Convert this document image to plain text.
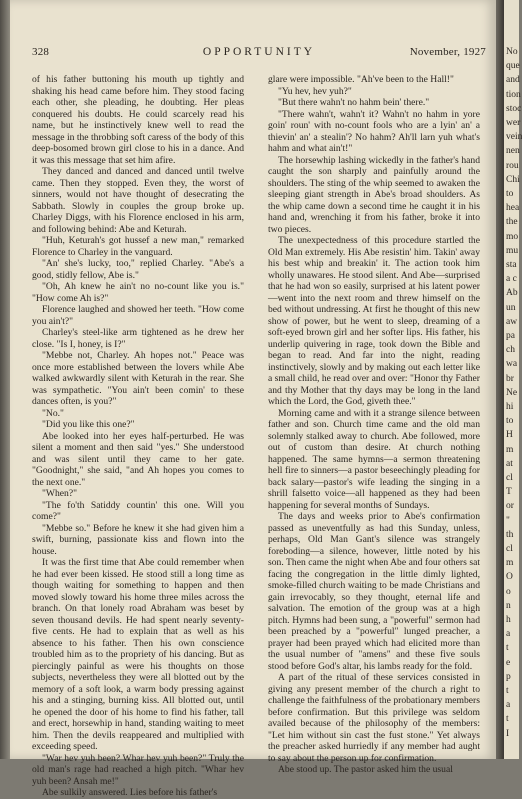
328	OPPORTUNITY	November, 1927

of his father buttoning his mouth up tightly and shaking his head came before him. They stood facing each other, she pleading, he doubting. Her pleas conquered his doubts. He could scarcely read his name, but he instinctively knew well to read the message in the throbbing soft caress of the body of this deep-bosomed brown girl close to his in a dance. And it was this message that set him afire.

They danced and danced and danced until twelve came. Then they stopped. Even they, the worst of sinners, would not have thought of desecrating the Sabbath. Slowly in couples the group broke up. Charley Diggs, with his Florence enclosed in his arm, and following behind: Abe and Keturah.

"Huh, Keturah's got hussef a new man," remarked Florence to Charley in the vanguard.

"An' she's lucky, too," replied Charley. "Abe's a good, stidly fellow, Abe is."

"Oh, Ah knew he ain't no no-count like you is." "How come Ah is?"

Florence laughed and showed her teeth. "How come you ain't?"

Charley's steel-like arm tightened as he drew her close. "Is I, honey, is I?"

"Mebbe not, Charley. Ah hopes not." Peace was once more established between the lovers while Abe walked awkwardly silent with Keturah in the rear. She was sympathetic. "You ain't been comin' to these dances often, is you?"

"No."

"Did you like this one?"

Abe looked into her eyes half-perturbed. He was silent a moment and then said "yes." She understood and was silent until they came to her gate. "Goodnight," she said, "and Ah hopes you comes to the next one."

"When?"

"The fo'th Satiddy countin' this one. Will you come?"

"Mebbe so." Before he knew it she had given him a swift, burning, passionate kiss and flown into the house.

It was the first time that Abe could remember when he had ever been kissed. He stood still a long time as though waiting for something to happen and then moved slowly toward his home three miles across the branch. On that lonely road Abraham was beset by seven thousand devils. He had spent nearly seventy-five cents. He had to explain that as well as his absence to his father. Then his own conscience troubled him as to the propriety of his dancing. But as piercingly painful as were his thoughts on those subjects, nevertheless they were all blotted out by the memory of a soft look, a warm body pressing against his and a stinging, burning kiss. All blotted out, until he opened the door of his home to find his father, tall and erect, horsewhip in hand, standing waiting to meet him. Then the devils reappeared and multiplied with exceeding speed.

"War hev yuh been? Whar hev yuh been?" Truly the old man's rage had reached a high pitch. "Whar hev yuh been? Ansah me!"

Abe sulkily answered. Lies before his father's

glare were impossible. "Ah've been to the Hall!"

"Yu hev, hev yuh?"

"But there wahn't no hahm bein' there."

"There wahn't, wahn't it? Wahn't no hahm in yore goin' roun' with no-count fools who are a lyin' an' a thievin' an' a stealin'? No hahm? Ah'll larn yuh what's hahm and what ain't!"

The horsewhip lashing wickedly in the father's hand caught the son sharply and painfully around the shoulders. The sting of the whip seemed to awaken the sleeping giant strength in Abe's broad shoulders. As the whip came down a second time he caught it in his hand and, wrenching it from his father, broke it into two pieces.

The unexpectedness of this procedure startled the Old Man extremely. His Abe resistin' him. Takin' away his best whip and breakin' it. The action took him wholly unawares. He stood silent. And Abe—surprised that he had won so easily, surprised at his latent power—went into the next room and threw himself on the bed without undressing. At first he thought of this new show of power, but he went to sleep, dreaming of a soft-eyed brown girl and her softer lips. His father, his underlip quivering in rage, took down the Bible and began to read. And far into the night, reading instinctively, slowly and by making out each letter like a small child, he read over and over: "Honor thy Father and thy Mother that thy days may be long in the land which the Lord, the God, giveth thee."

Morning came and with it a strange silence between father and son. Church time came and the old man solemnly stalked away to church. Abe followed, more out of custom than desire. At church nothing happened. The same hymns—a sermon threatening hell fire to sinners—a pastor beseechingly pleading for back salary—pastor's wife leading the singing in a shrill falsetto voice—all happened as they had been happening for several months of Sundays.

The days and weeks prior to Abe's confirmation passed as uneventfully as had this Sunday, unless, perhaps, Old Man Gant's silence was strangely foreboding—a silence, however, little noted by his son. Then came the night when Abe and four others sat facing the congregation in the little dimly lighted, smoke-filled church waiting to be made Christians and gain irrevocably, so they thought, eternal life and salvation. The emotion of the group was at a high pitch. Hymns had been sung, a "powerful" sermon had been preached by a "powerful" lunged preacher, a prayer had been prayed which had elicited more than the usual number of "amens" and these five souls stood before God's altar, his lambs ready for the fold.

A part of the ritual of these services consisted in giving any present member of the church a right to challenge the faithfulness of the probationary members before confirmation. But this privilege was seldom availed because of the philosophy of the members: "Let him without sin cast the fust stone." Yet always the preacher asked hurriedly if any member had aught to say about the person up for confirmation.

Abe stood up. The pastor asked him the usual

No
que
and
tion
stoc
wer
vein
nen
rou
Chi
to
hea
the
mo
mu
sta
a c
Ab
un
aw
pa
ch
wa
br
Ne
hi
to
H
m
at
cl
T
or
"
th
cl
m
O
o
n
h
a
t
e
p
t
a
t
I
